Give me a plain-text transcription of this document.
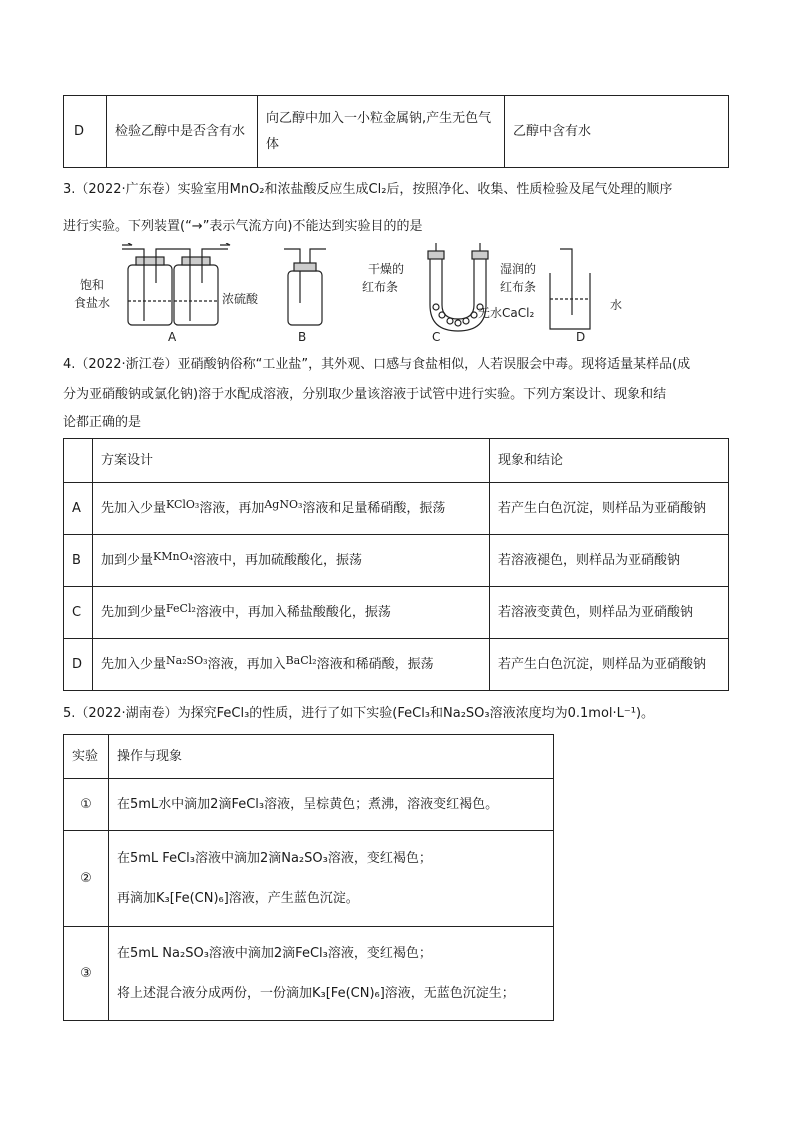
D	检验乙醇中是否含有水	向乙醇中加入一小粒金属钠,产生无色气体	乙醇中含有水
3.（2022·广东卷）实验室用MnO₂和浓盐酸反应生成Cl₂后，按照净化、收集、性质检验及尾气处理的顺序
进行实验。下列装置(“→”表示气流方向)不能达到实验目的的是
饱和
食盐水	浓硫酸
A	B
干燥的
红布条
湿润的
红布条
无水CaCl₂
C
水
D
4.（2022·浙江卷）亚硝酸钠俗称“工业盐”，其外观、口感与食盐相似，人若误服会中毒。现将适量某样品(成
分为亚硝酸钠或氯化钠)溶于水配成溶液，分别取少量该溶液于试管中进行实验。下列方案设计、现象和结
论都正确的是
	方案设计	现象和结论
A	先加入少量$^{KClO_3}$溶液，再加$^{AgNO_3}$溶液和足量稀硝酸，振荡	若产生白色沉淀，则样品为亚硝酸钠
B	加到少量$^{KMnO_4}$溶液中，再加硫酸酸化，振荡	若溶液褪色，则样品为亚硝酸钠
C	先加到少量$^{FeCl_2}$溶液中，再加入稀盐酸酸化，振荡	若溶液变黄色，则样品为亚硝酸钠
D	先加入少量$^{Na_2SO_3}$溶液，再加入$^{BaCl_2}$溶液和稀硝酸，振荡	若产生白色沉淀，则样品为亚硝酸钠
5.（2022·湖南卷）为探究FeCl₃的性质，进行了如下实验(FeCl₃和Na₂SO₃溶液浓度均为0.1mol·L⁻¹)。
实验	操作与现象
①	在5mL水中滴加2滴FeCl₃溶液，呈棕黄色；煮沸，溶液变红褐色。

②	在5mL FeCl₃溶液中滴加2滴Na₂SO₃溶液，变红褐色；
再滴加K₃[Fe(CN)₆]溶液，产生蓝色沉淀。

③	在5mL Na₂SO₃溶液中滴加2滴FeCl₃溶液，变红褐色；
将上述混合液分成两份，一份滴加K₃[Fe(CN)₆]溶液，无蓝色沉淀生；
